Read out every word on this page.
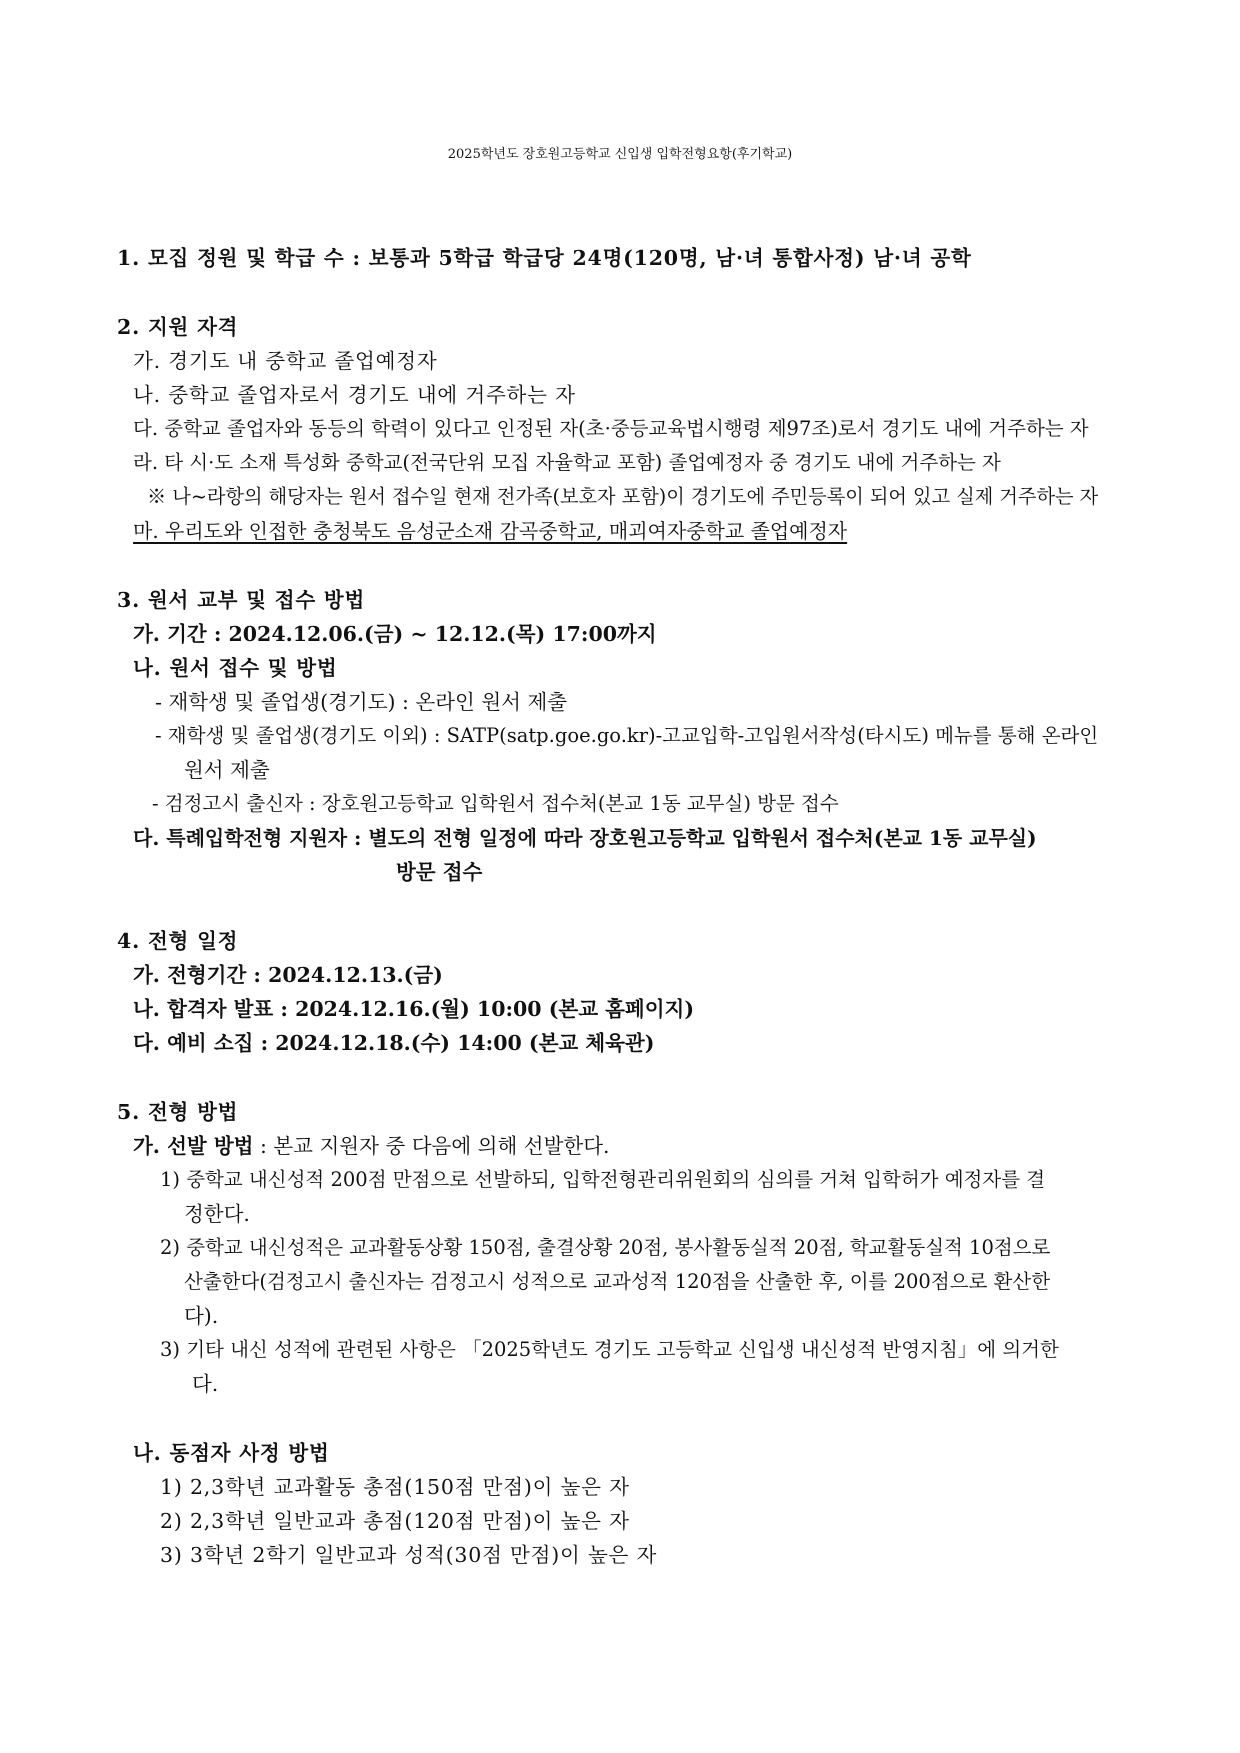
2025학년도 장호원고등학교 신입생 입학전형요항(후기학교)
1. 모집 정원 및 학급 수 : 보통과 5학급 학급당 24명(120명, 남·녀 통합사정) 남·녀 공학
2. 지원 자격
가. 경기도 내 중학교 졸업예정자
나. 중학교 졸업자로서 경기도 내에 거주하는 자
다. 중학교 졸업자와 동등의 학력이 있다고 인정된 자(초·중등교육법시행령 제97조)로서 경기도 내에 거주하는 자
라. 타 시·도 소재 특성화 중학교(전국단위 모집 자율학교 포함) 졸업예정자 중 경기도 내에 거주하는 자
※ 나~라항의 해당자는 원서 접수일 현재 전가족(보호자 포함)이 경기도에 주민등록이 되어 있고 실제 거주하는 자
마. 우리도와 인접한 충청북도 음성군소재 감곡중학교, 매괴여자중학교 졸업예정자
3. 원서 교부 및 접수 방법
가. 기간 : 2024.12.06.(금) ~ 12.12.(목) 17:00까지
나. 원서 접수 및 방법
- 재학생 및 졸업생(경기도) : 온라인 원서 제출
- 재학생 및 졸업생(경기도 이외) : SATP(satp.goe.go.kr)-고교입학-고입원서작성(타시도) 메뉴를 통해 온라인
원서 제출
- 검정고시 출신자 : 장호원고등학교 입학원서 접수처(본교 1동 교무실) 방문 접수
다. 특례입학전형 지원자 : 별도의 전형 일정에 따라 장호원고등학교 입학원서 접수처(본교 1동 교무실)
방문 접수
4. 전형 일정
가. 전형기간 : 2024.12.13.(금)
나. 합격자 발표 : 2024.12.16.(월) 10:00 (본교 홈페이지)
다. 예비 소집 : 2024.12.18.(수) 14:00 (본교 체육관)
5. 전형 방법
가. 선발 방법 : 본교 지원자 중 다음에 의해 선발한다.
1) 중학교 내신성적 200점 만점으로 선발하되, 입학전형관리위원회의 심의를 거쳐 입학허가 예정자를 결
정한다.
2) 중학교 내신성적은 교과활동상황 150점, 출결상황 20점, 봉사활동실적 20점, 학교활동실적 10점으로
산출한다(검정고시 출신자는 검정고시 성적으로 교과성적 120점을 산출한 후, 이를 200점으로 환산한
다).
3) 기타 내신 성적에 관련된 사항은 「2025학년도 경기도 고등학교 신입생 내신성적 반영지침」에 의거한
다.
나. 동점자 사정 방법
1) 2,3학년 교과활동 총점(150점 만점)이 높은 자
2) 2,3학년 일반교과 총점(120점 만점)이 높은 자
3) 3학년 2학기 일반교과 성적(30점 만점)이 높은 자
